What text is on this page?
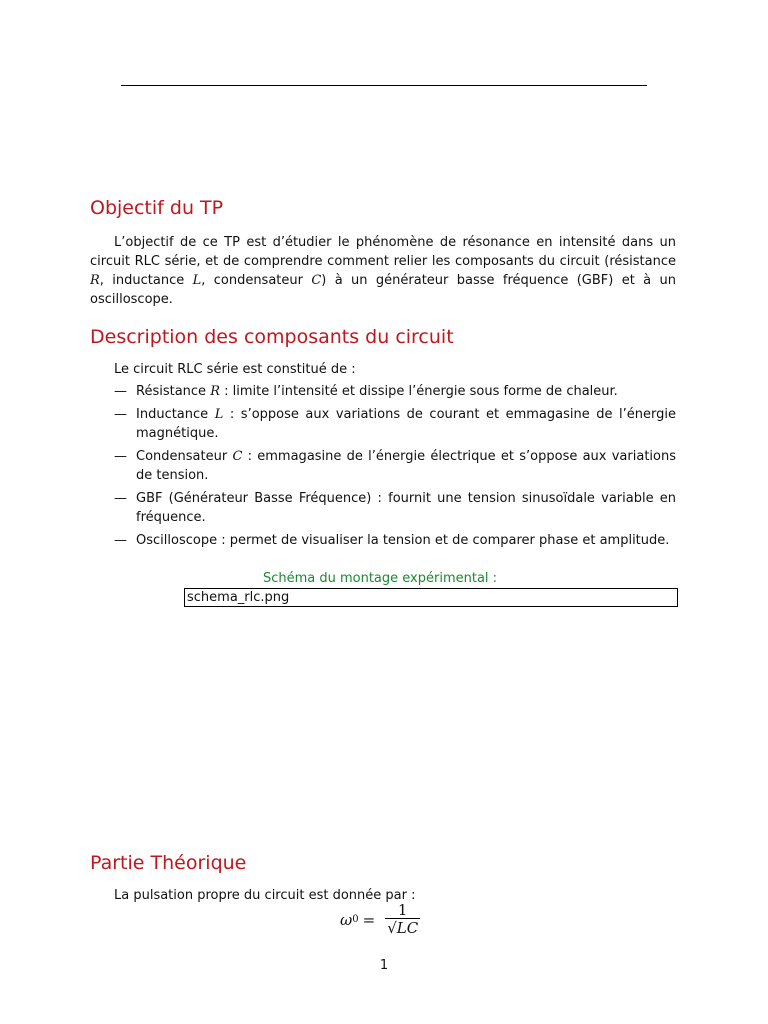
Objectif du TP

L’objectif de ce TP est d’étudier le phénomène de résonance en intensité dans un circuit RLC série, et de comprendre comment relier les composants du circuit (résistance R, inductance L, condensateur C) à un générateur basse fréquence (GBF) et à un oscilloscope.

Description des composants du circuit

Le circuit RLC série est constitué de :

— Résistance R : limite l’intensité et dissipe l’énergie sous forme de chaleur.
— Inductance L : s’oppose aux variations de courant et emmagasine de l’énergie magnétique.
— Condensateur C : emmagasine de l’énergie électrique et s’oppose aux variations de tension.
— GBF (Générateur Basse Fréquence) : fournit une tension sinusoïdale variable en fréquence.
— Oscilloscope : permet de visualiser la tension et de comparer phase et amplitude.
Schéma du montage expérimental :
schema_rlc.png
Partie Théorique

La pulsation propre du circuit est donnée par :

ω $0 = \frac{1}{√LC}$
1
